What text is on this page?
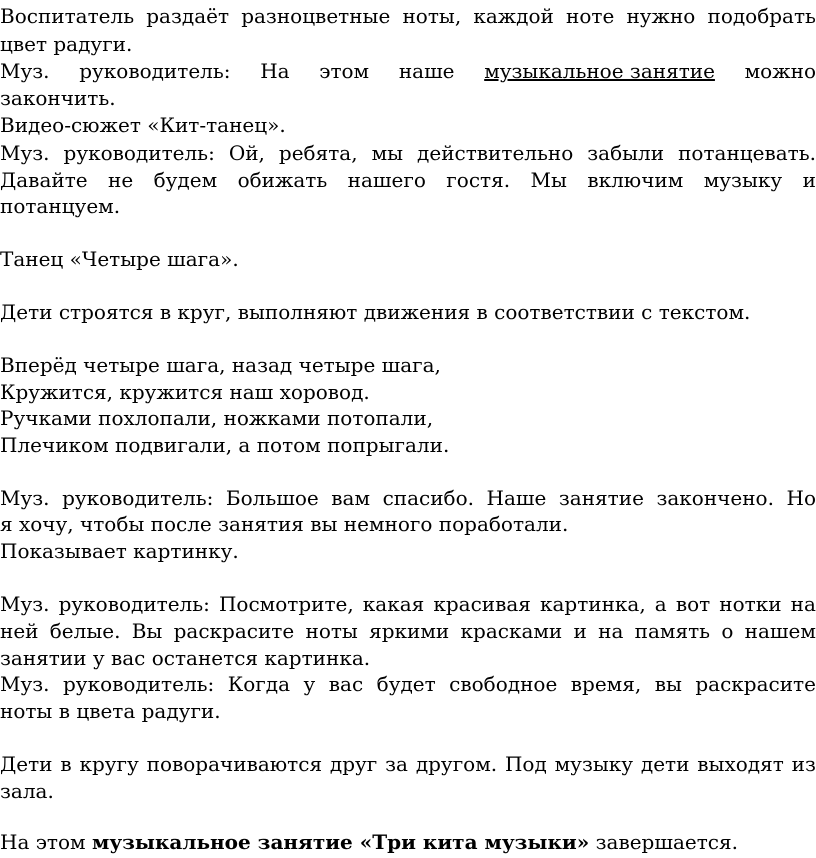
Воспитатель раздаёт разноцветные ноты, каждой ноте нужно подобрать
цвет радуги.
Муз. руководитель: На этом наше музыкальное занятие можно
закончить.
Видео-сюжет «Кит-танец».
Муз. руководитель: Ой, ребята, мы действительно забыли потанцевать.
Давайте не будем обижать нашего гостя. Мы включим музыку и
потанцуем.
Танец «Четыре шага».
Дети строятся в круг, выполняют движения в соответствии с текстом.
Вперёд четыре шага, назад четыре шага,
Кружится, кружится наш хоровод.
Ручками похлопали, ножками потопали,
Плечиком подвигали, а потом попрыгали.
Муз. руководитель: Большое вам спасибо. Наше занятие закончено. Но
я хочу, чтобы после занятия вы немного поработали.
Показывает картинку.
Муз. руководитель: Посмотрите, какая красивая картинка, а вот нотки на
ней белые. Вы раскрасите ноты яркими красками и на память о нашем
занятии у вас останется картинка.
Муз. руководитель: Когда у вас будет свободное время, вы раскрасите
ноты в цвета радуги.
Дети в кругу поворачиваются друг за другом. Под музыку дети выходят из
зала.
На этом музыкальное занятие «Три кита музыки» завершается.
